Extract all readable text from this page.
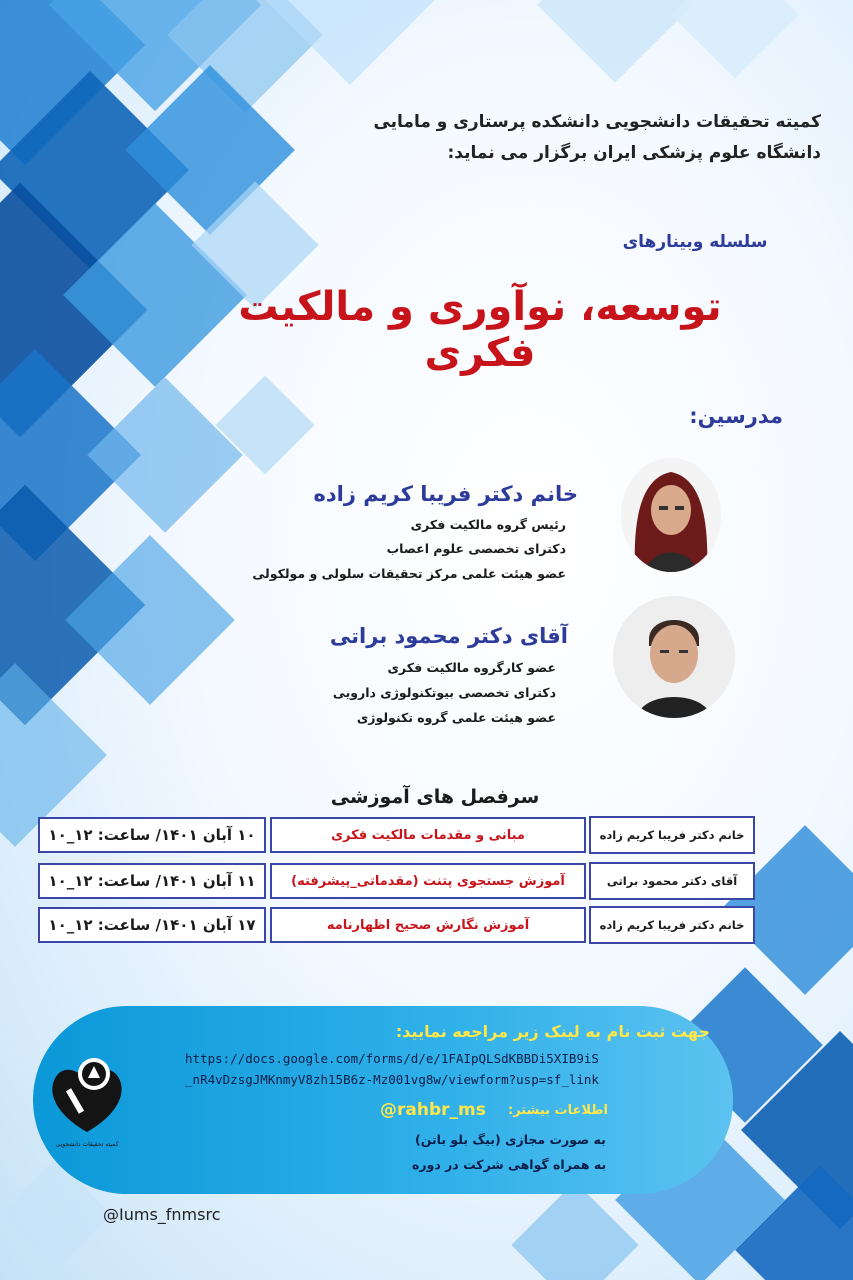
کمیته تحقیقات دانشجویی دانشکده پرستاری و مامایی
دانشگاه علوم پزشکی ایران برگزار می نماید:
سلسله وبینارهای
توسعه، نوآوری و مالکیت فکری
مدرسین:
خانم دکتر فریبا کریم زاده
رئیس گروه مالکیت فکری
دکترای تخصصی علوم اعصاب
عضو هیئت علمی مرکز تحقیقات سلولی و مولکولی
آقای دکتر محمود براتی
عضو کارگروه مالکیت فکری
دکترای تخصصی بیوتکنولوژی دارویی
عضو هیئت علمی گروه تکنولوژی
سرفصل های آموزشی
خانم دکتر فریبا کریم زاده
مبانی و مقدمات مالکیت فکری
۱۰ آبان ۱۴۰۱/ ساعت: ۱۲_۱۰
آقای دکتر محمود براتی
آموزش جستجوی پتنت (مقدماتی_پیشرفته)
۱۱ آبان ۱۴۰۱/ ساعت: ۱۲_۱۰
خانم دکتر فریبا کریم زاده
آموزش نگارش صحیح اظهارنامه
۱۷ آبان ۱۴۰۱/ ساعت: ۱۲_۱۰
کمیته تحقیقات دانشجویی
جهت ثبت نام به لینک زیر مراجعه نمایید:
https://docs.google.com/forms/d/e/1FAIpQLSdKBBDi5XIB9iS
_nR4vDzsgJMKnmyV8zh15B6z-Mz001vg8w/viewform?usp=sf_link
اطلاعات بیشتر:
@rahbr_ms
به صورت مجازی (بیگ بلو باتن)
به همراه گواهی شرکت در دوره
@Iums_fnmsrc
